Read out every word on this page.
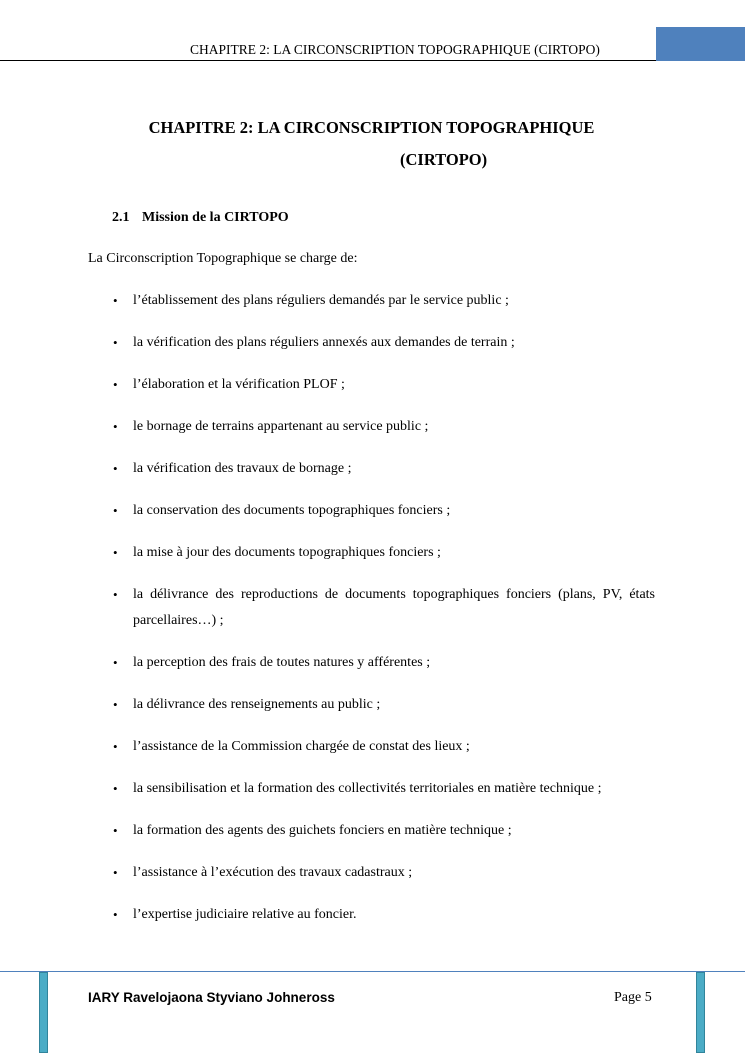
CHAPITRE 2: LA CIRCONSCRIPTION TOPOGRAPHIQUE (CIRTOPO)
CHAPITRE 2: LA CIRCONSCRIPTION TOPOGRAPHIQUE
(CIRTOPO)
2.1 Mission de la CIRTOPO

La Circonscription Topographique se charge de:

• l’établissement des plans réguliers demandés par le service public ;
• la vérification des plans réguliers annexés aux demandes de terrain ;
• l’élaboration et la vérification PLOF ;
• le bornage de terrains appartenant au service public ;
• la vérification des travaux de bornage ;
• la conservation des documents topographiques fonciers ;
• la mise à jour des documents topographiques fonciers ;
• la délivrance des reproductions de documents topographiques fonciers (plans, PV, états parcellaires…) ;
• la perception des frais de toutes natures y afférentes ;
• la délivrance des renseignements au public ;
• l’assistance de la Commission chargée de constat des lieux ;
• la sensibilisation et la formation des collectivités territoriales en matière technique ;
• la formation des agents des guichets fonciers en matière technique ;
• l’assistance à l’exécution des travaux cadastraux ;
• l’expertise judiciaire relative au foncier.
IARY Ravelojaona Styviano Johneross	Page 5
